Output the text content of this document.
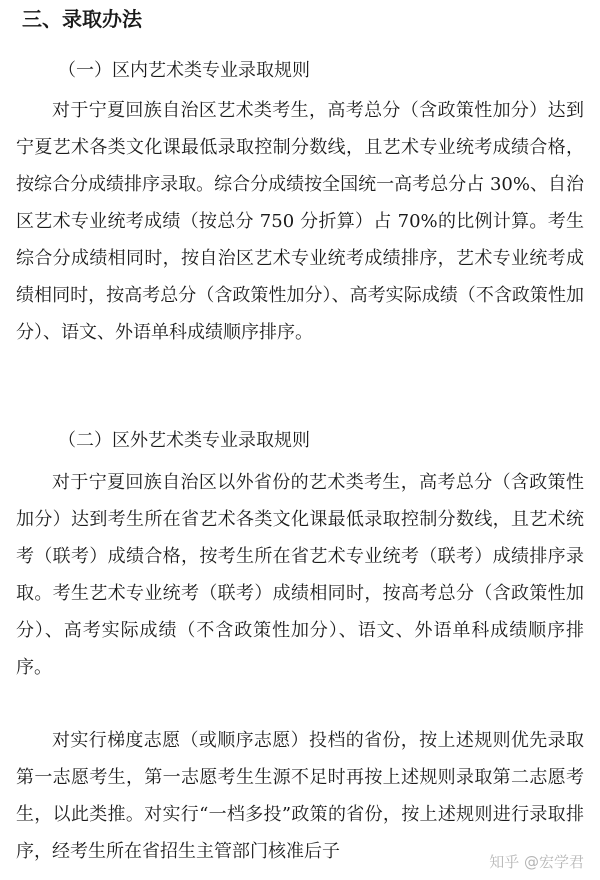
三、录取办法
（一）区内艺术类专业录取规则

对于宁夏回族自治区艺术类考生，高考总分（含政策性加分）达到宁夏艺术各类文化课最低录取控制分数线，且艺术专业统考成绩合格，按综合分成绩排序录取。综合分成绩按全国统一高考总分占 30%、自治区艺术专业统考成绩（按总分 750 分折算）占 70%的比例计算。考生综合分成绩相同时，按自治区艺术专业统考成绩排序，艺术专业统考成绩相同时，按高考总分（含政策性加分）、高考实际成绩（不含政策性加分）、语文、外语单科成绩顺序排序。

（二）区外艺术类专业录取规则

对于宁夏回族自治区以外省份的艺术类考生，高考总分（含政策性加分）达到考生所在省艺术各类文化课最低录取控制分数线，且艺术统考（联考）成绩合格，按考生所在省艺术专业统考（联考）成绩排序录取。考生艺术专业统考（联考）成绩相同时，按高考总分（含政策性加分）、高考实际成绩（不含政策性加分）、语文、外语单科成绩顺序排序。

对实行梯度志愿（或顺序志愿）投档的省份，按上述规则优先录取第一志愿考生，第一志愿考生生源不足时再按上述规则录取第二志愿考生，以此类推。对实行“一档多投”政策的省份，按上述规则进行录取排序，经考生所在省招生主管部门核准后子	知乎 @宏学君
